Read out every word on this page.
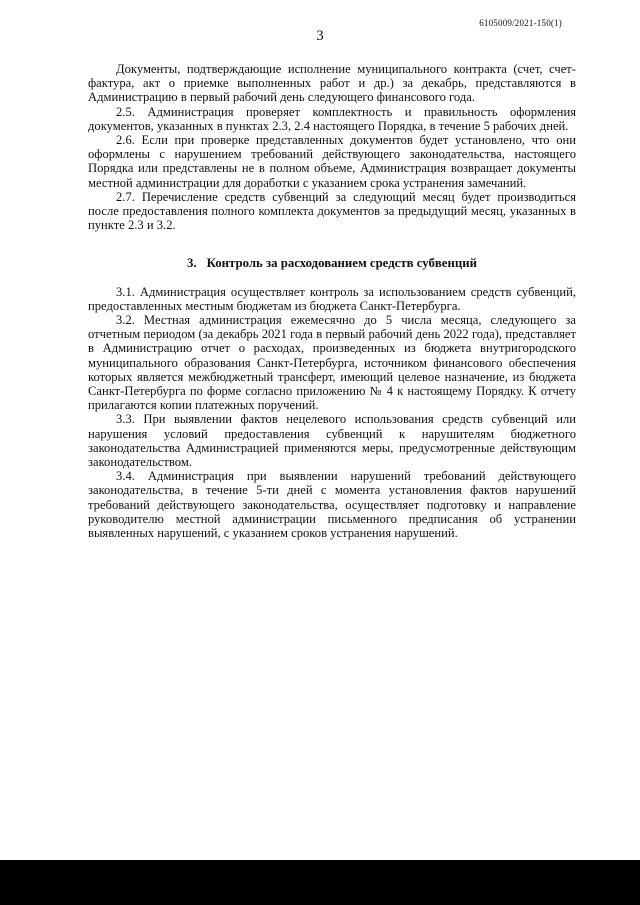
6105009/2021-150(1)
3

Документы, подтверждающие исполнение муниципального контракта (счет, счет-фактура, акт о приемке выполненных работ и др.) за декабрь, представляются в Администрацию в первый рабочий день следующего финансового года.

2.5. Администрация проверяет комплектность и правильность оформления документов, указанных в пунктах 2.3, 2.4 настоящего Порядка, в течение 5 рабочих дней.

2.6. Если при проверке представленных документов будет установлено, что они оформлены с нарушением требований действующего законодательства, настоящего Порядка или представлены не в полном объеме, Администрация возвращает документы местной администрации для доработки с указанием срока устранения замечаний.

2.7. Перечисление средств субвенций за следующий месяц будет производиться после предоставления полного комплекта документов за предыдущий месяц, указанных в пункте 2.3 и 3.2.

3. Контроль за расходованием средств субвенций

3.1. Администрация осуществляет контроль за использованием средств субвенций, предоставленных местным бюджетам из бюджета Санкт-Петербурга.

3.2. Местная администрация ежемесячно до 5 числа месяца, следующего за отчетным периодом (за декабрь 2021 года в первый рабочий день 2022 года), представляет в Администрацию отчет о расходах, произведенных из бюджета внутригородского муниципального образования Санкт-Петербурга, источником финансового обеспечения которых является межбюджетный трансферт, имеющий целевое назначение, из бюджета Санкт-Петербурга по форме согласно приложению № 4 к настоящему Порядку. К отчету прилагаются копии платежных поручений.

3.3. При выявлении фактов нецелевого использования средств субвенций или нарушения условий предоставления субвенций к нарушителям бюджетного законодательства Администрацией применяются меры, предусмотренные действующим законодательством.

3.4. Администрация при выявлении нарушений требований действующего законодательства, в течение 5-ти дней с момента установления фактов нарушений требований действующего законодательства, осуществляет подготовку и направление руководителю местной администрации письменного предписания об устранении выявленных нарушений, с указанием сроков устранения нарушений.
